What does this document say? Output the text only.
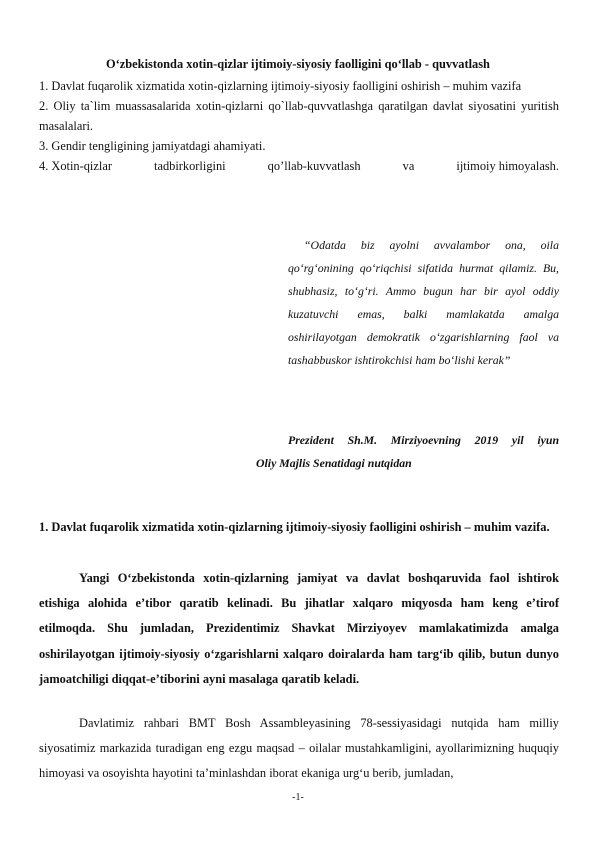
O‘zbekistonda xotin-qizlar ijtimoiy-siyosiy faolligini qo‘llab - quvvatlash
1. Davlat fuqarolik xizmatida xotin-qizlarning ijtimoiy-siyosiy faolligini oshirish – muhim vazifa
2. Oliy ta`lim muassasalarida xotin-qizlarni qo`llab-quvvatlashga qaratilgan davlat siyosatini yuritish masalalari.
3. Gendir tengligining jamiyatdagi ahamiyati.
4. Xotin-qizlar	tadbirkorligini	qo’llab-kuvvatlash	va	ijtimoiy himoyalash.

“Odatda biz ayolni avvalambor ona, oila qo‘rg‘onining qo‘riqchisi sifatida hurmat qilamiz. Bu, shubhasiz, to‘g‘ri. Ammo bugun har bir ayol oddiy kuzatuvchi emas, balki mamlakatda amalga oshirilayotgan demokratik o‘zgarishlarning faol va tashabbuskor ishtirokchisi ham bo‘lishi kerak”

Prezident Sh.M. Mirziyoevning 2019 yil iyun
Oliy Majlis Senatidagi nutqidan

1. Davlat fuqarolik xizmatida xotin-qizlarning ijtimoiy-siyosiy faolligini oshirish – muhim vazifa.

Yangi O‘zbekistonda xotin-qizlarning jamiyat va davlat boshqaruvida faol ishtirok etishiga alohida e’tibor qaratib kelinadi. Bu jihatlar xalqaro miqyosda ham keng e’tirof etilmoqda. Shu jumladan, Prezidentimiz Shavkat Mirziyoyev mamlakatimizda amalga oshirilayotgan ijtimoiy-siyosiy o‘zgarishlarni xalqaro doiralarda ham targ‘ib qilib, butun dunyo jamoatchiligi diqqat-e’tiborini ayni masalaga qaratib keladi.

Davlatimiz rahbari BMT Bosh Assambleyasining 78-sessiyasidagi nutqida ham milliy siyosatimiz markazida turadigan eng ezgu maqsad – oilalar mustahkamligini, ayollarimizning huquqiy himoyasi va osoyishta hayotini ta’minlashdan iborat ekaniga urg‘u berib, jumladan,

-1-
